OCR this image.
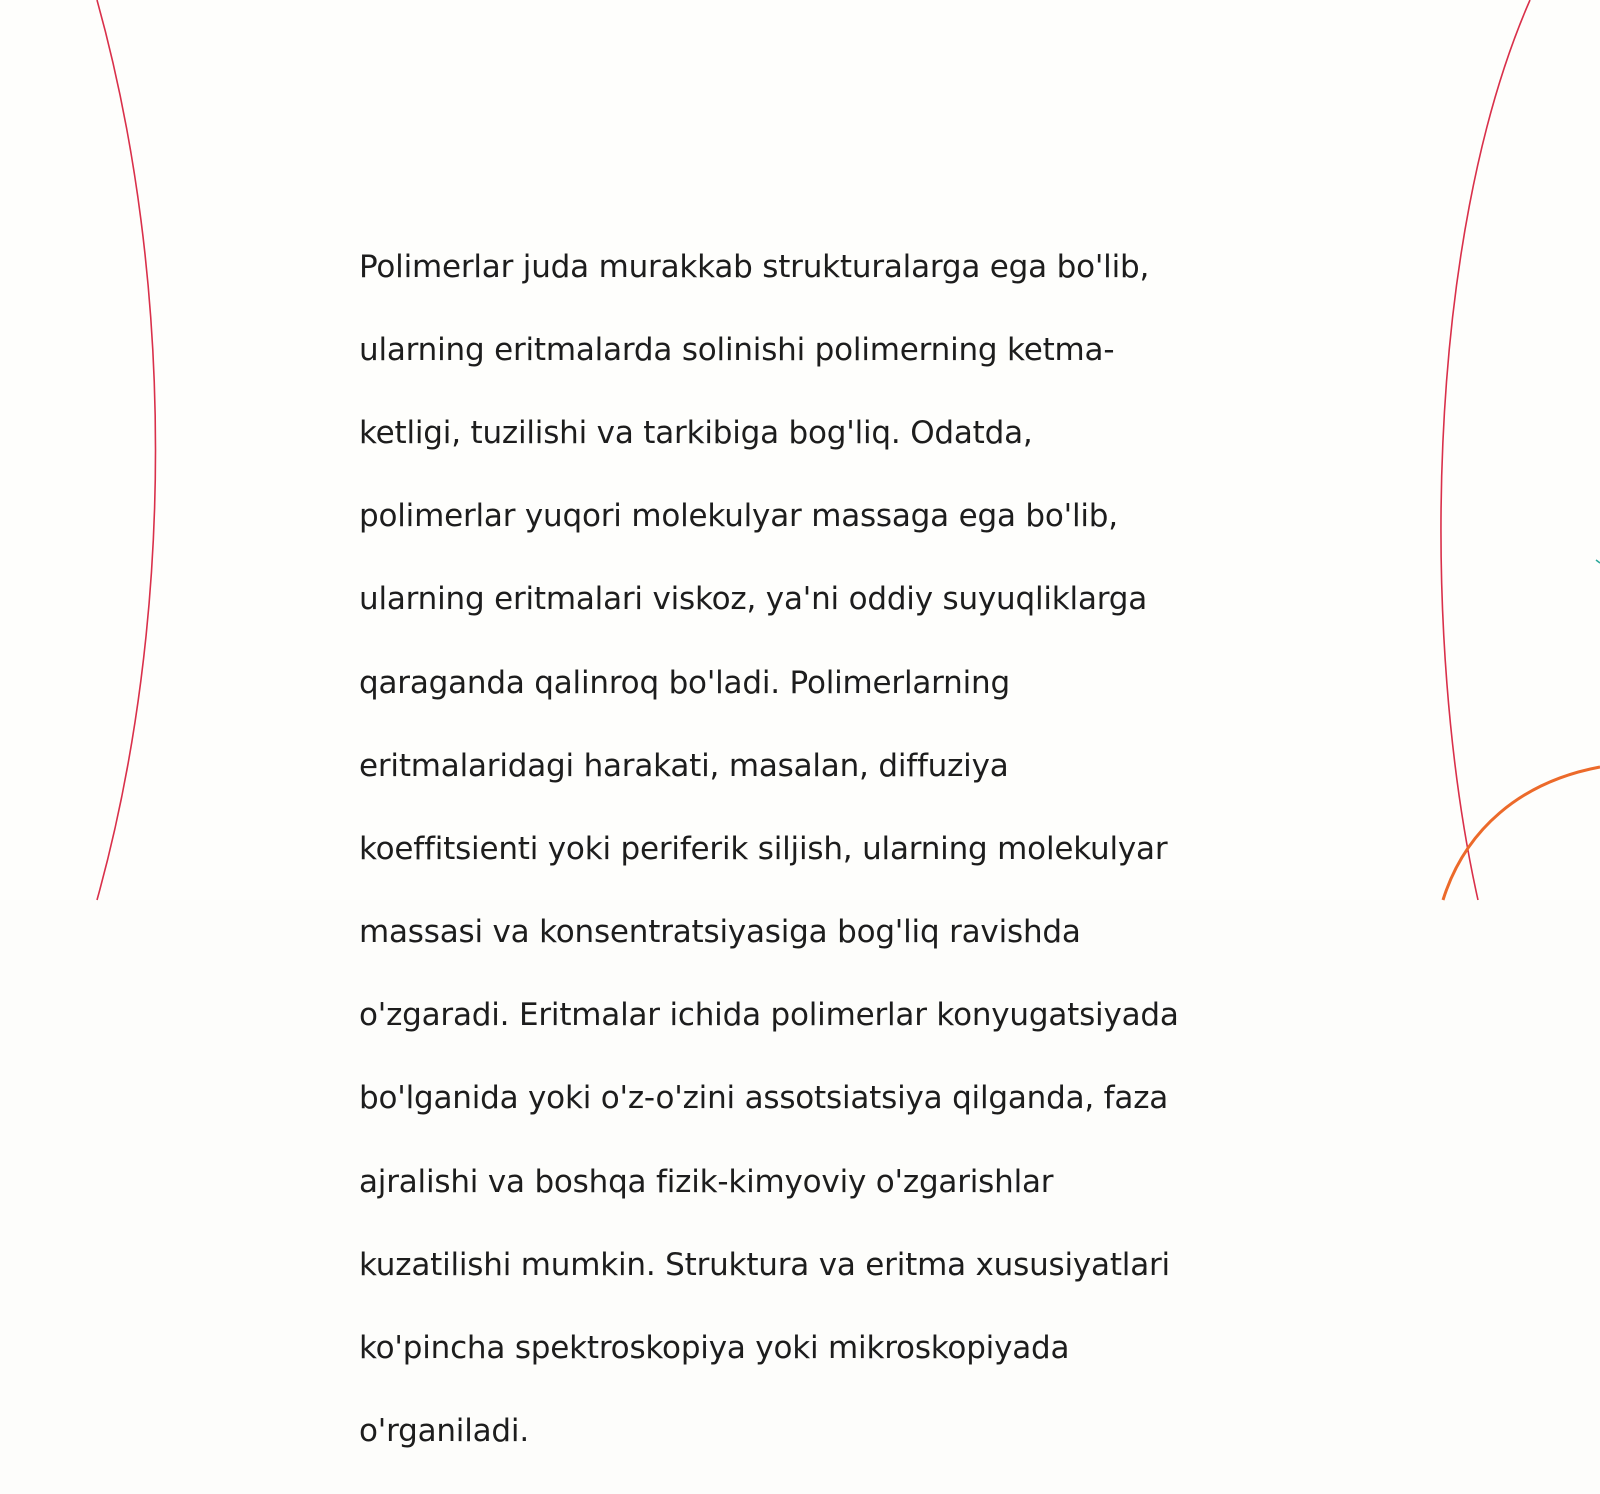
Polimerlar juda murakkab strukturalarga ega bo'lib,

ularning eritmalarda solinishi polimerning ketma-

ketligi, tuzilishi va tarkibiga bog'liq. Odatda,

polimerlar yuqori molekulyar massaga ega bo'lib,

ularning eritmalari viskoz, ya'ni oddiy suyuqliklarga

qaraganda qalinroq bo'ladi. Polimerlarning

eritmalaridagi harakati, masalan, diffuziya

koeffitsienti yoki periferik siljish, ularning molekulyar

massasi va konsentratsiyasiga bog'liq ravishda

o'zgaradi. Eritmalar ichida polimerlar konyugatsiyada

bo'lganida yoki o'z-o'zini assotsiatsiya qilganda, faza

ajralishi va boshqa fizik-kimyoviy o'zgarishlar

kuzatilishi mumkin. Struktura va eritma xususiyatlari

ko'pincha spektroskopiya yoki mikroskopiyada

o'rganiladi.
